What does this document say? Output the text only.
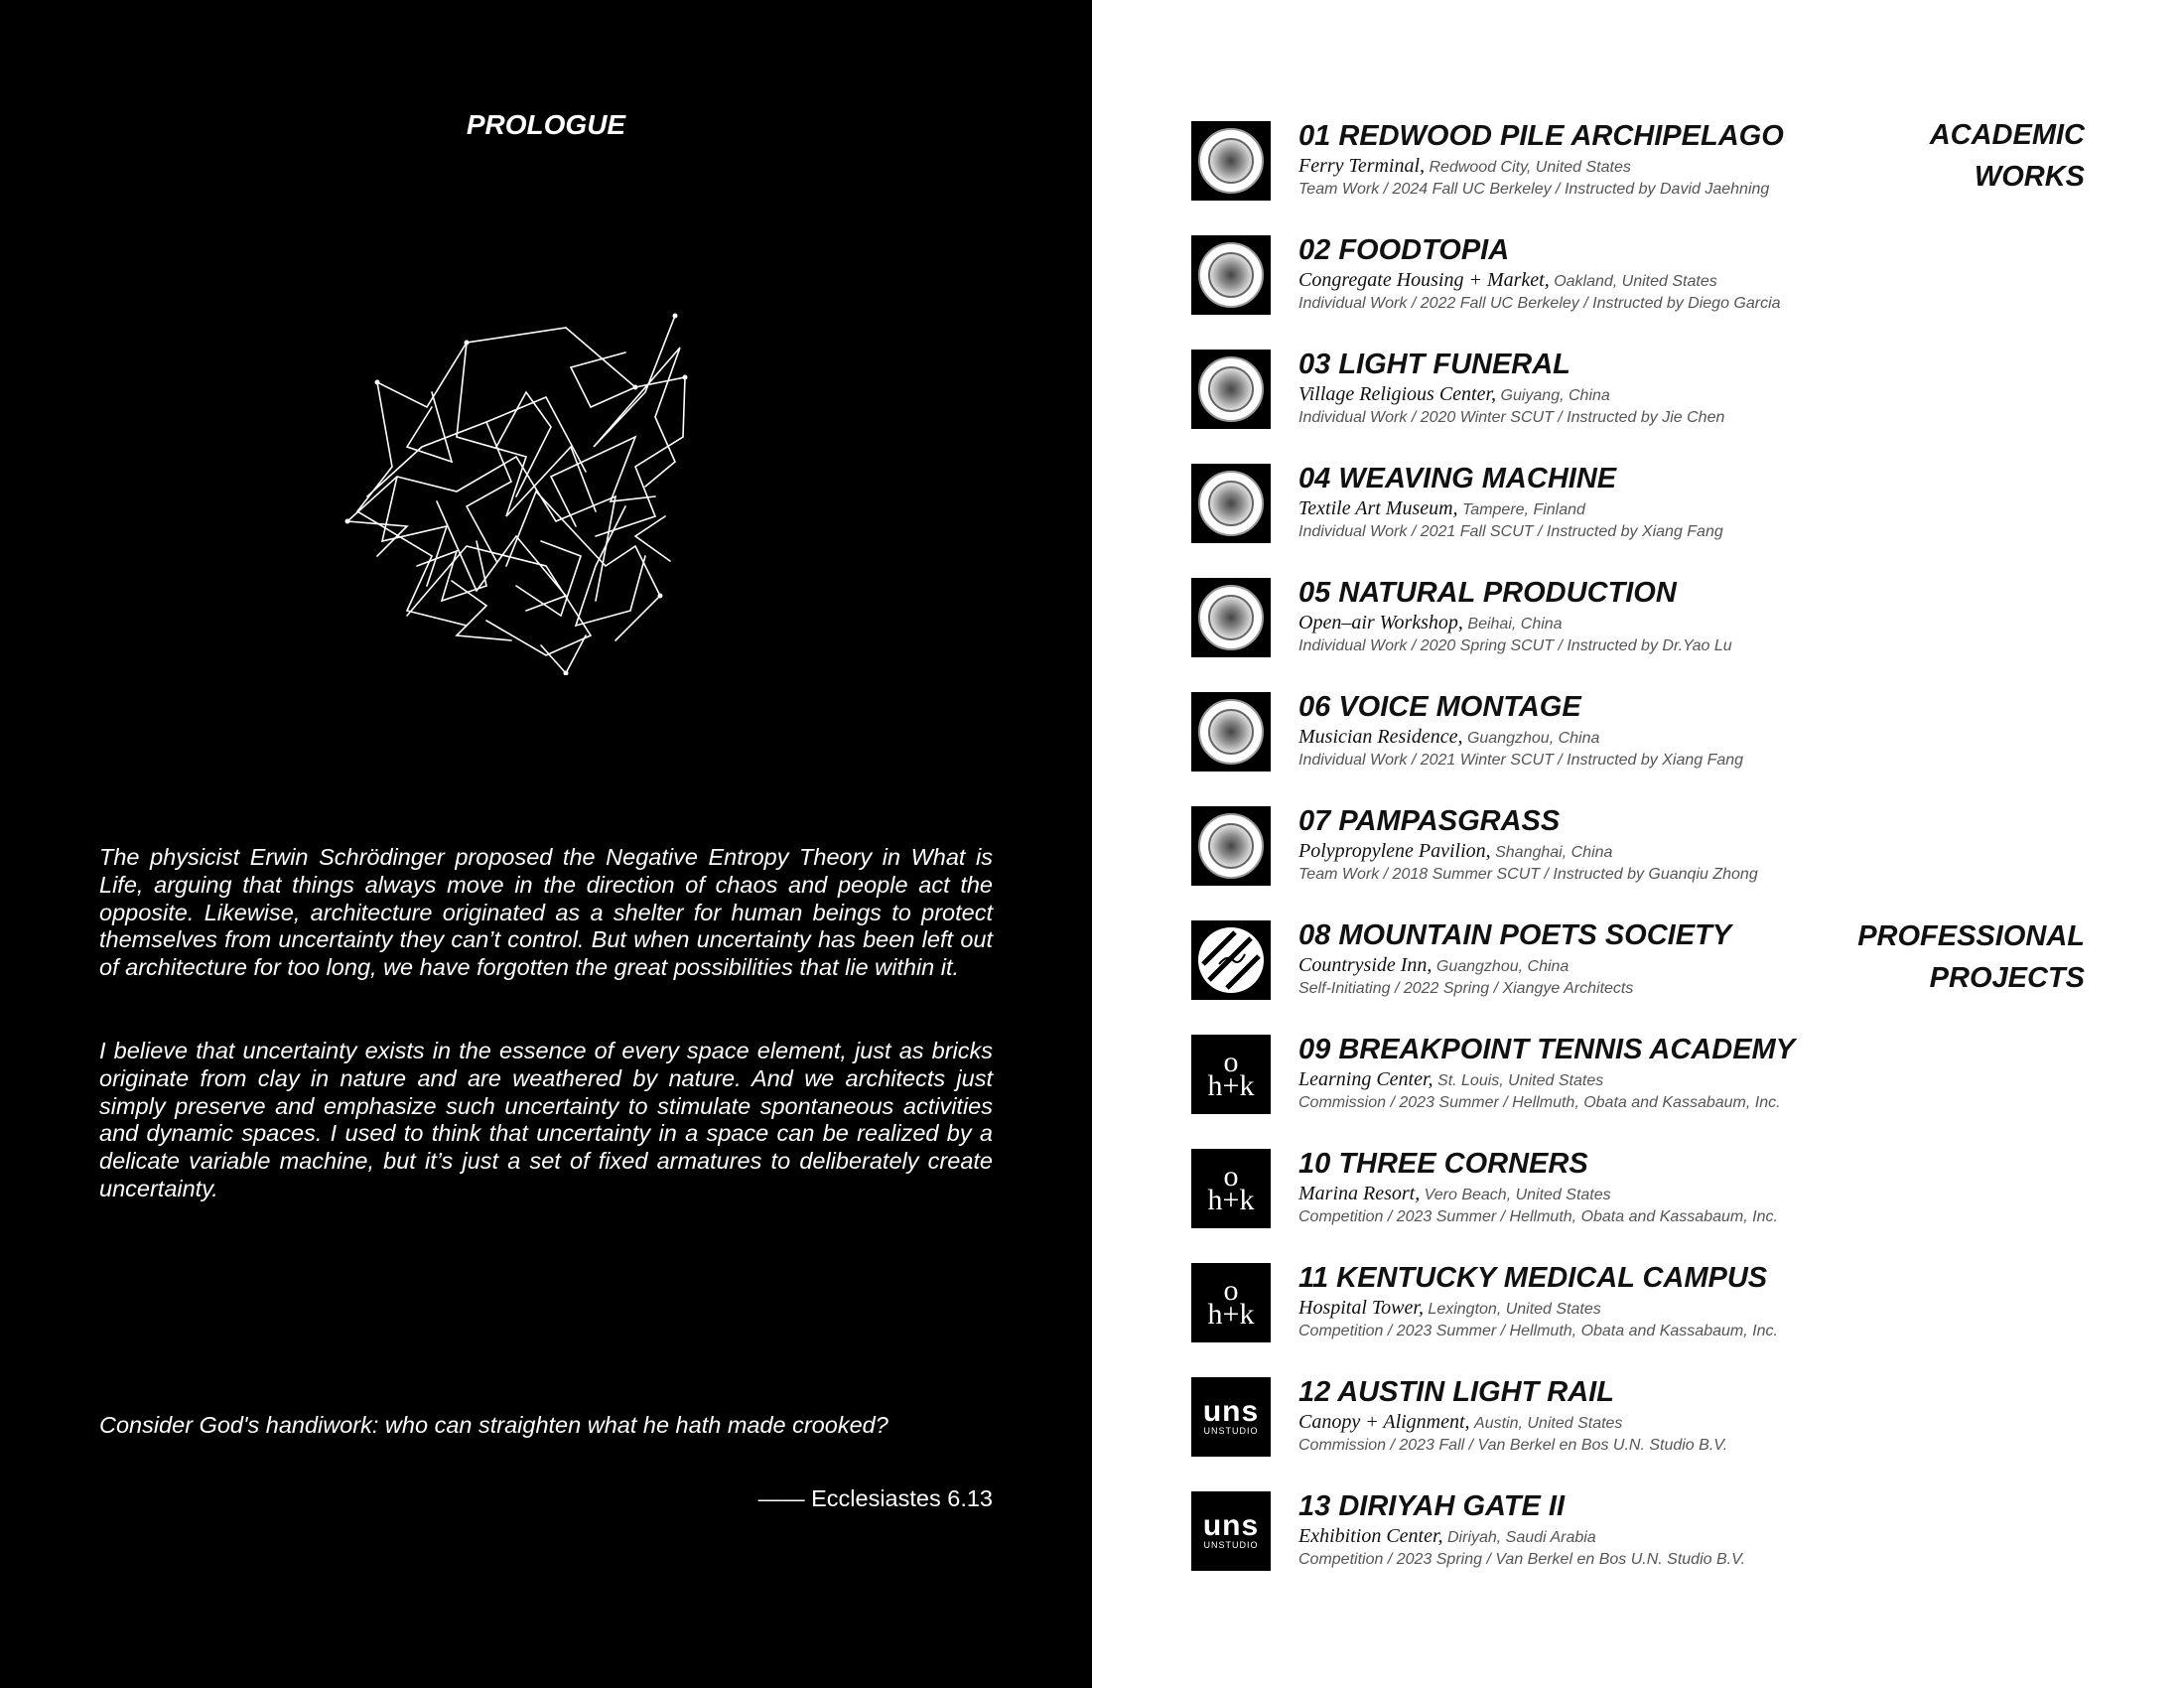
PROLOGUE

The physicist Erwin Schrödinger proposed the Negative Entropy Theory in What is Life, arguing that things always move in the direction of chaos and people act the opposite. Likewise, architecture originated as a shelter for human beings to protect themselves from uncertainty they can’t control. But when uncertainty has been left out of architecture for too long, we have forgotten the great possibilities that lie within it.

I believe that uncertainty exists in the essence of every space element, just as bricks originate from clay in nature and are weathered by nature. And we architects just simply preserve and emphasize such uncertainty to stimulate spontaneous activities and dynamic spaces. I used to think that uncertainty in a space can be realized by a delicate variable machine, but it’s just a set of fixed armatures to deliberately create uncertainty.

Consider God's handiwork: who can straighten what he hath made crooked?

—— Ecclesiastes 6.13

ACADEMIC
WORKS
PROFESSIONAL
PROJECTS
01 REDWOOD PILE ARCHIPELAGO
Ferry Terminal, Redwood City, United States
Team Work / 2024 Fall UC Berkeley / Instructed by David Jaehning
02 FOODTOPIA
Congregate Housing + Market, Oakland, United States
Individual Work / 2022 Fall UC Berkeley / Instructed by Diego Garcia
03 LIGHT FUNERAL
Village Religious Center, Guiyang, China
Individual Work / 2020 Winter SCUT / Instructed by Jie Chen
04 WEAVING MACHINE
Textile Art Museum, Tampere, Finland
Individual Work / 2021 Fall SCUT / Instructed by Xiang Fang
05 NATURAL PRODUCTION
Open–air Workshop, Beihai, China
Individual Work / 2020 Spring SCUT / Instructed by Dr.Yao Lu
06 VOICE MONTAGE
Musician Residence, Guangzhou, China
Individual Work / 2021 Winter SCUT / Instructed by Xiang Fang
07 PAMPASGRASS
Polypropylene Pavilion, Shanghai, China
Team Work / 2018 Summer SCUT / Instructed by Guanqiu Zhong
08 MOUNTAIN POETS SOCIETY
Countryside Inn, Guangzhou, China
Self-Initiating / 2022 Spring / Xiangye Architects
o
h+k
09 BREAKPOINT TENNIS ACADEMY
Learning Center, St. Louis, United States
Commission / 2023 Summer / Hellmuth, Obata and Kassabaum, Inc.
o
h+k
10 THREE CORNERS
Marina Resort, Vero Beach, United States
Competition / 2023 Summer / Hellmuth, Obata and Kassabaum, Inc.
o
h+k
11 KENTUCKY MEDICAL CAMPUS
Hospital Tower, Lexington, United States
Competition / 2023 Summer / Hellmuth, Obata and Kassabaum, Inc.
uns
UNSTUDIO
12 AUSTIN LIGHT RAIL
Canopy + Alignment, Austin, United States
Commission / 2023 Fall / Van Berkel en Bos U.N. Studio B.V.
uns
UNSTUDIO
13 DIRIYAH GATE II
Exhibition Center, Diriyah, Saudi Arabia
Competition / 2023 Spring / Van Berkel en Bos U.N. Studio B.V.
